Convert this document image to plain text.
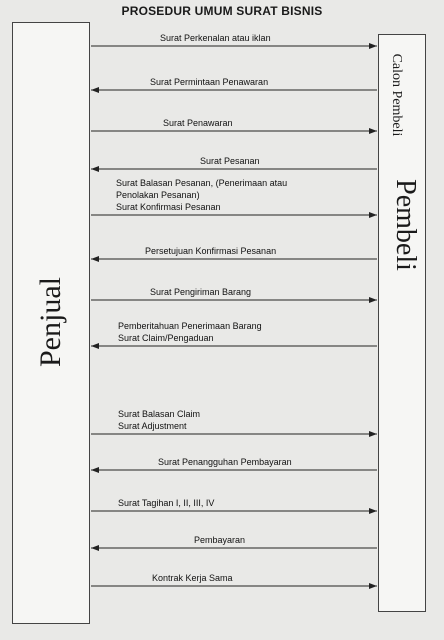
PROSEDUR UMUM SURAT BISNIS
Penjual
Calon Pembeli
Pembeli
Surat Perkenalan atau iklan
Surat Permintaan Penawaran
Surat Penawaran
Surat Pesanan
Surat Balasan Pesanan, (Penerimaan atau
Penolakan Pesanan)
Surat Konfirmasi Pesanan
Persetujuan Konfirmasi Pesanan
Surat Pengiriman Barang
Pemberitahuan Penerimaan Barang
Surat Claim/Pengaduan
Surat Balasan Claim
Surat Adjustment
Surat Penangguhan Pembayaran
Surat Tagihan I, II, III, IV
Pembayaran
Kontrak Kerja Sama
